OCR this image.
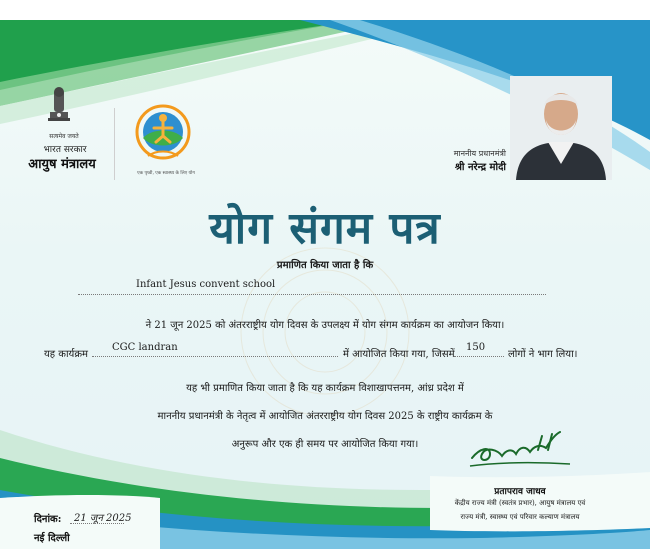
सत्यमेव जयते
भारत सरकार
आयुष मंत्रालय
एक पृथ्वी, एक स्वास्थ्य के लिए योग
माननीय प्रधानमंत्री
श्री नरेन्द्र मोदी
योग संगम पत्र
प्रमाणित किया जाता है कि
Infant Jesus convent school
ने 21 जून 2025 को अंतरराष्ट्रीय योग दिवस के उपलक्ष्य में योग संगम कार्यक्रम का आयोजन किया।
यह कार्यक्रम
CGC landran
में आयोजित किया गया, जिसमें
150
लोगों ने भाग लिया।
यह भी प्रमाणित किया जाता है कि यह कार्यक्रम विशाखापत्तनम, आंध्र प्रदेश में
माननीय प्रधानमंत्री के नेतृत्व में आयोजित अंतरराष्ट्रीय योग दिवस 2025 के राष्ट्रीय कार्यक्रम के
अनुरूप और एक ही समय पर आयोजित किया गया।
प्रतापराव जाधव
केंद्रीय राज्य मंत्री (स्वतंत्र प्रभार), आयुष मंत्रालय एवं
राज्य मंत्री, स्वास्थ्य एवं परिवार कल्याण मंत्रालय
दिनांक: 21 जून 2025
नई दिल्ली
